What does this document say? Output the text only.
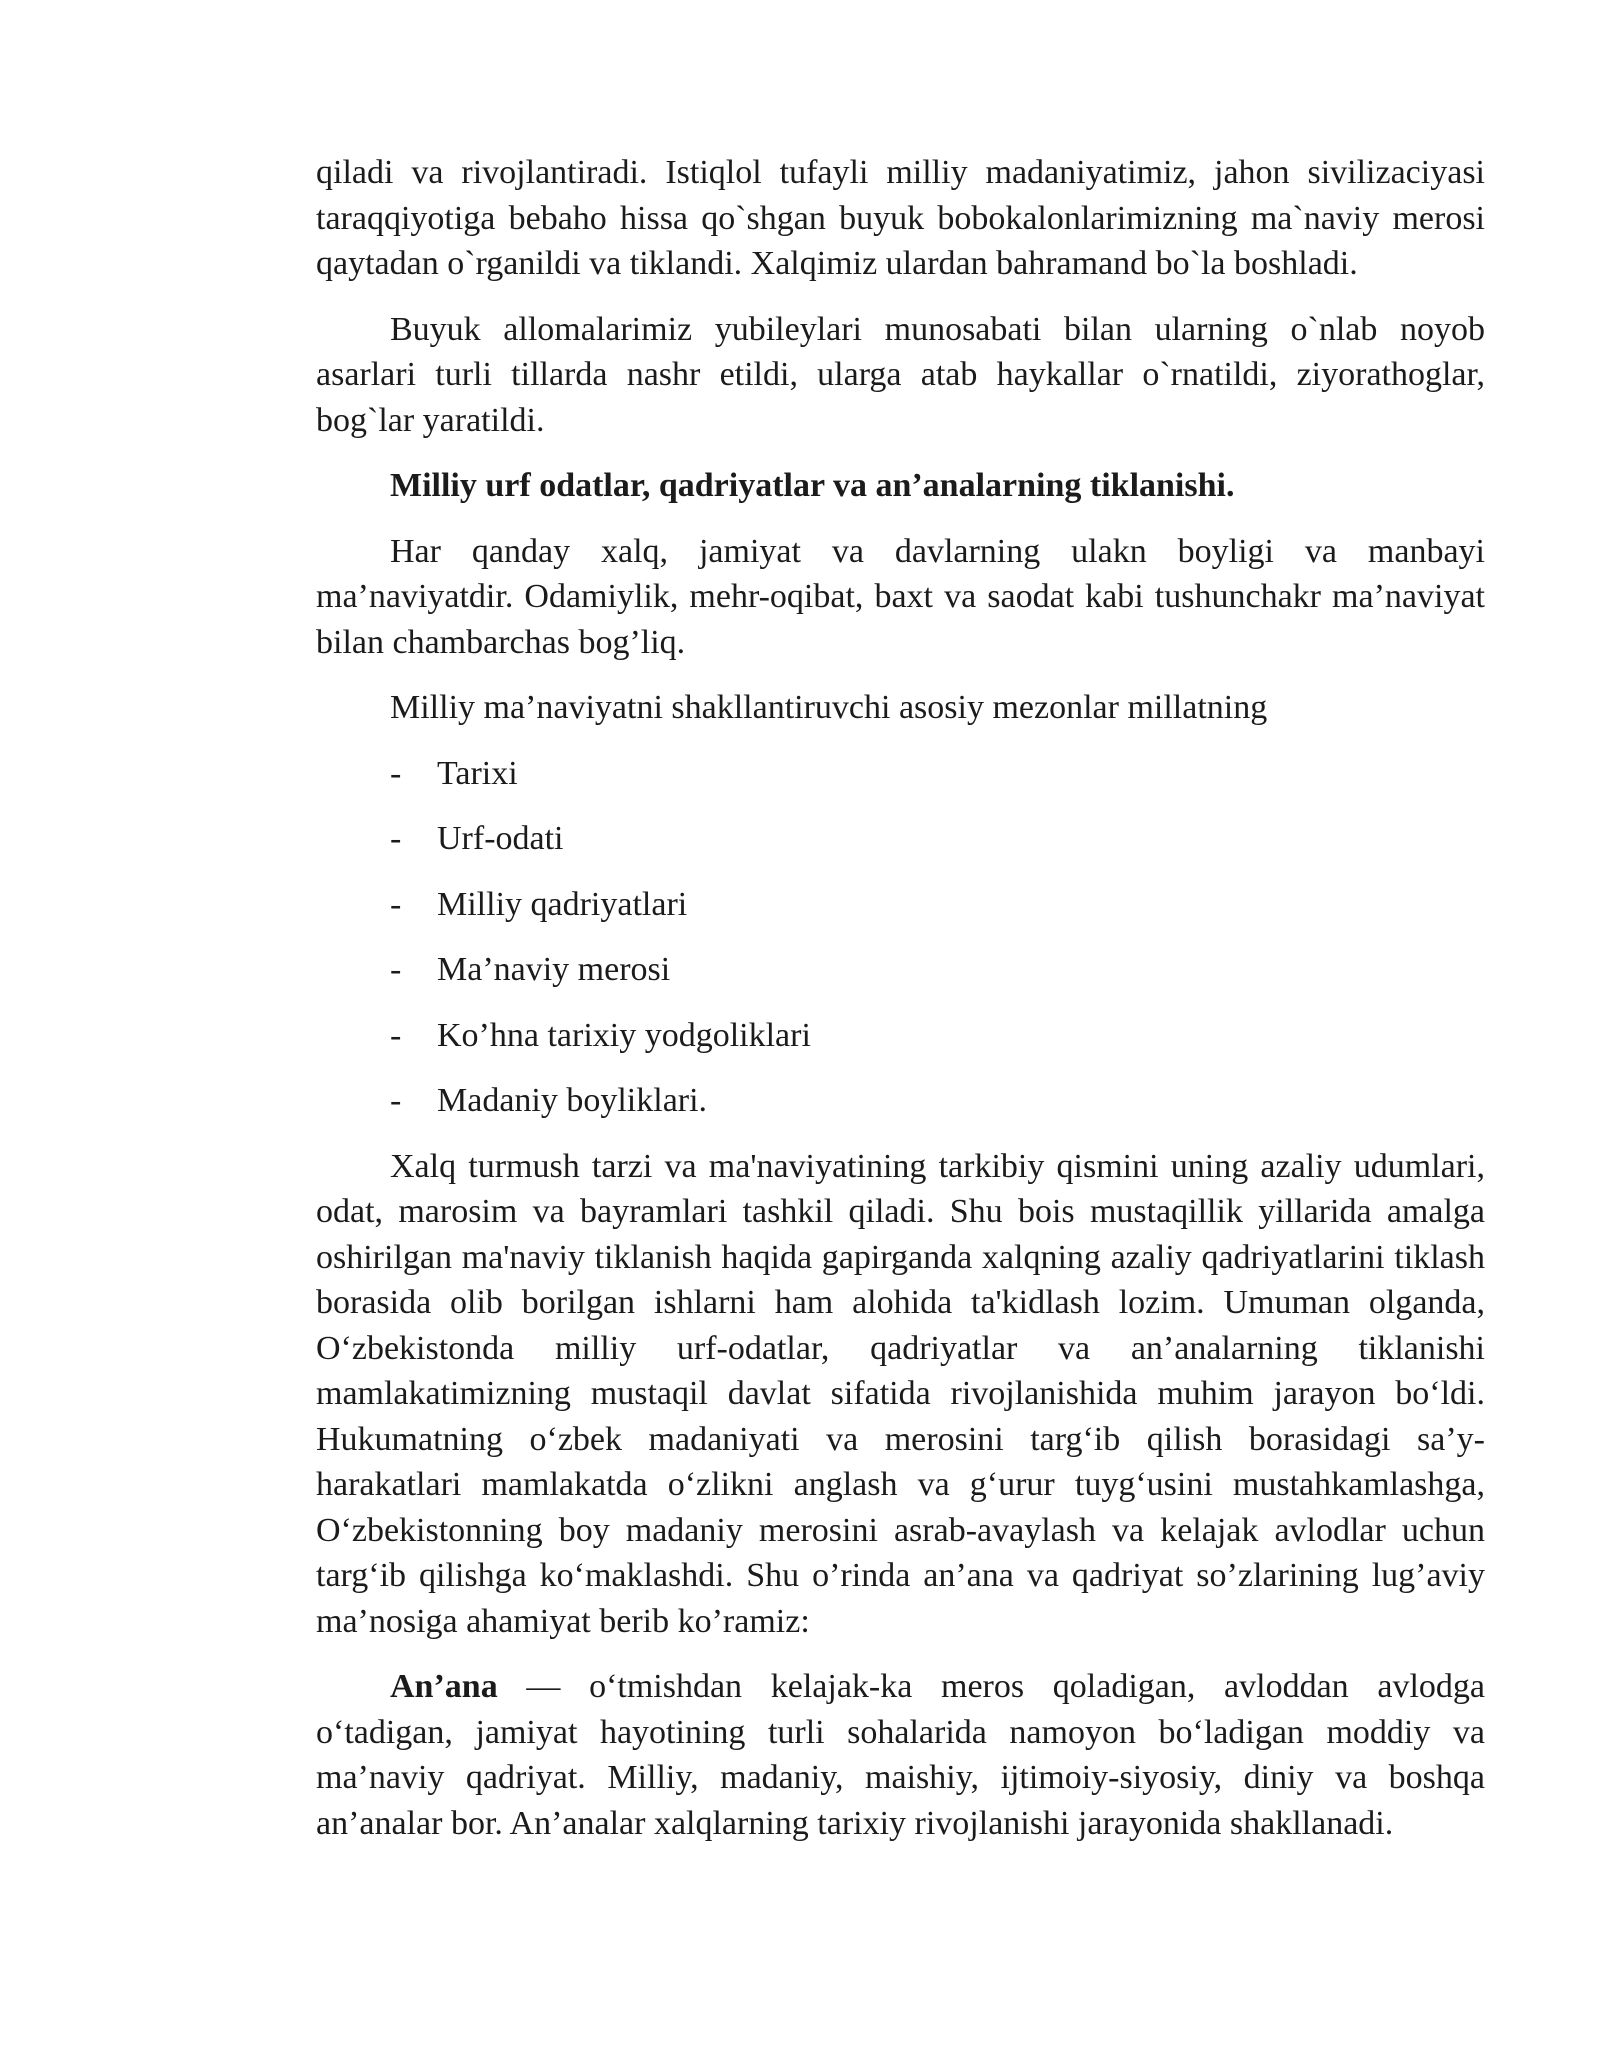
qiladi va rivojlantiradi. Istiqlol tufayli milliy madaniyatimiz, jahon sivilizaciyasi taraqqiyotiga bebaho hissa qo`shgan buyuk bobokalonlarimizning ma`naviy merosi qaytadan o`rganildi va tiklandi. Xalqimiz ulardan bahramand bo`la boshladi.

Buyuk allomalarimiz yubileylari munosabati bilan ularning o`nlab noyob asarlari turli tillarda nashr etildi, ularga atab haykallar o`rnatildi, ziyorathoglar, bog`lar yaratildi.

Milliy urf odatlar, qadriyatlar va an’analarning tiklanishi.

Har qanday xalq, jamiyat va davlarning ulakn boyligi va manbayi ma’naviyatdir. Odamiylik, mehr-oqibat, baxt va saodat kabi tushunchakr ma’naviyat bilan chambarchas bog’liq.

Milliy ma’naviyatni shakllantiruvchi asosiy mezonlar millatning

-	Tarixi
-	Urf-odati
-	Milliy qadriyatlari
-	Ma’naviy merosi
-	Ko’hna tarixiy yodgoliklari
-	Madaniy boyliklari.

Xalq turmush tarzi va ma'naviyatining tarkibiy qismini uning azaliy udumlari, odat, marosim va bayramlari tashkil qiladi. Shu bois mustaqillik yillarida amalga oshirilgan ma'naviy tiklanish haqida gapirganda xalqning azaliy qadriyatlarini tiklash borasida olib borilgan ishlarni ham alohida ta'kidlash lozim. Umuman olganda, O‘zbekistonda milliy urf-odatlar, qadriyatlar va an’analarning tiklanishi mamlakatimizning mustaqil davlat sifatida rivojlanishida muhim jarayon bo‘ldi. Hukumatning o‘zbek madaniyati va merosini targ‘ib qilish borasidagi sa’y-harakatlari mamlakatda o‘zlikni anglash va g‘urur tuyg‘usini mustahkamlashga, O‘zbekistonning boy madaniy merosini asrab-avaylash va kelajak avlodlar uchun targ‘ib qilishga ko‘maklashdi. Shu o’rinda an’ana va qadriyat so’zlarining lug’aviy ma’nosiga ahamiyat berib ko’ramiz:

An’ana — o‘tmishdan kelajak-ka meros qoladigan, avloddan avlodga o‘tadigan, jamiyat hayotining turli sohalarida namoyon bo‘ladigan moddiy va ma’naviy qadriyat. Milliy, madaniy, maishiy, ijtimoiy-siyosiy, diniy va boshqa an’analar bor. An’analar xalqlarning tarixiy rivojlanishi jarayonida shakllanadi.
